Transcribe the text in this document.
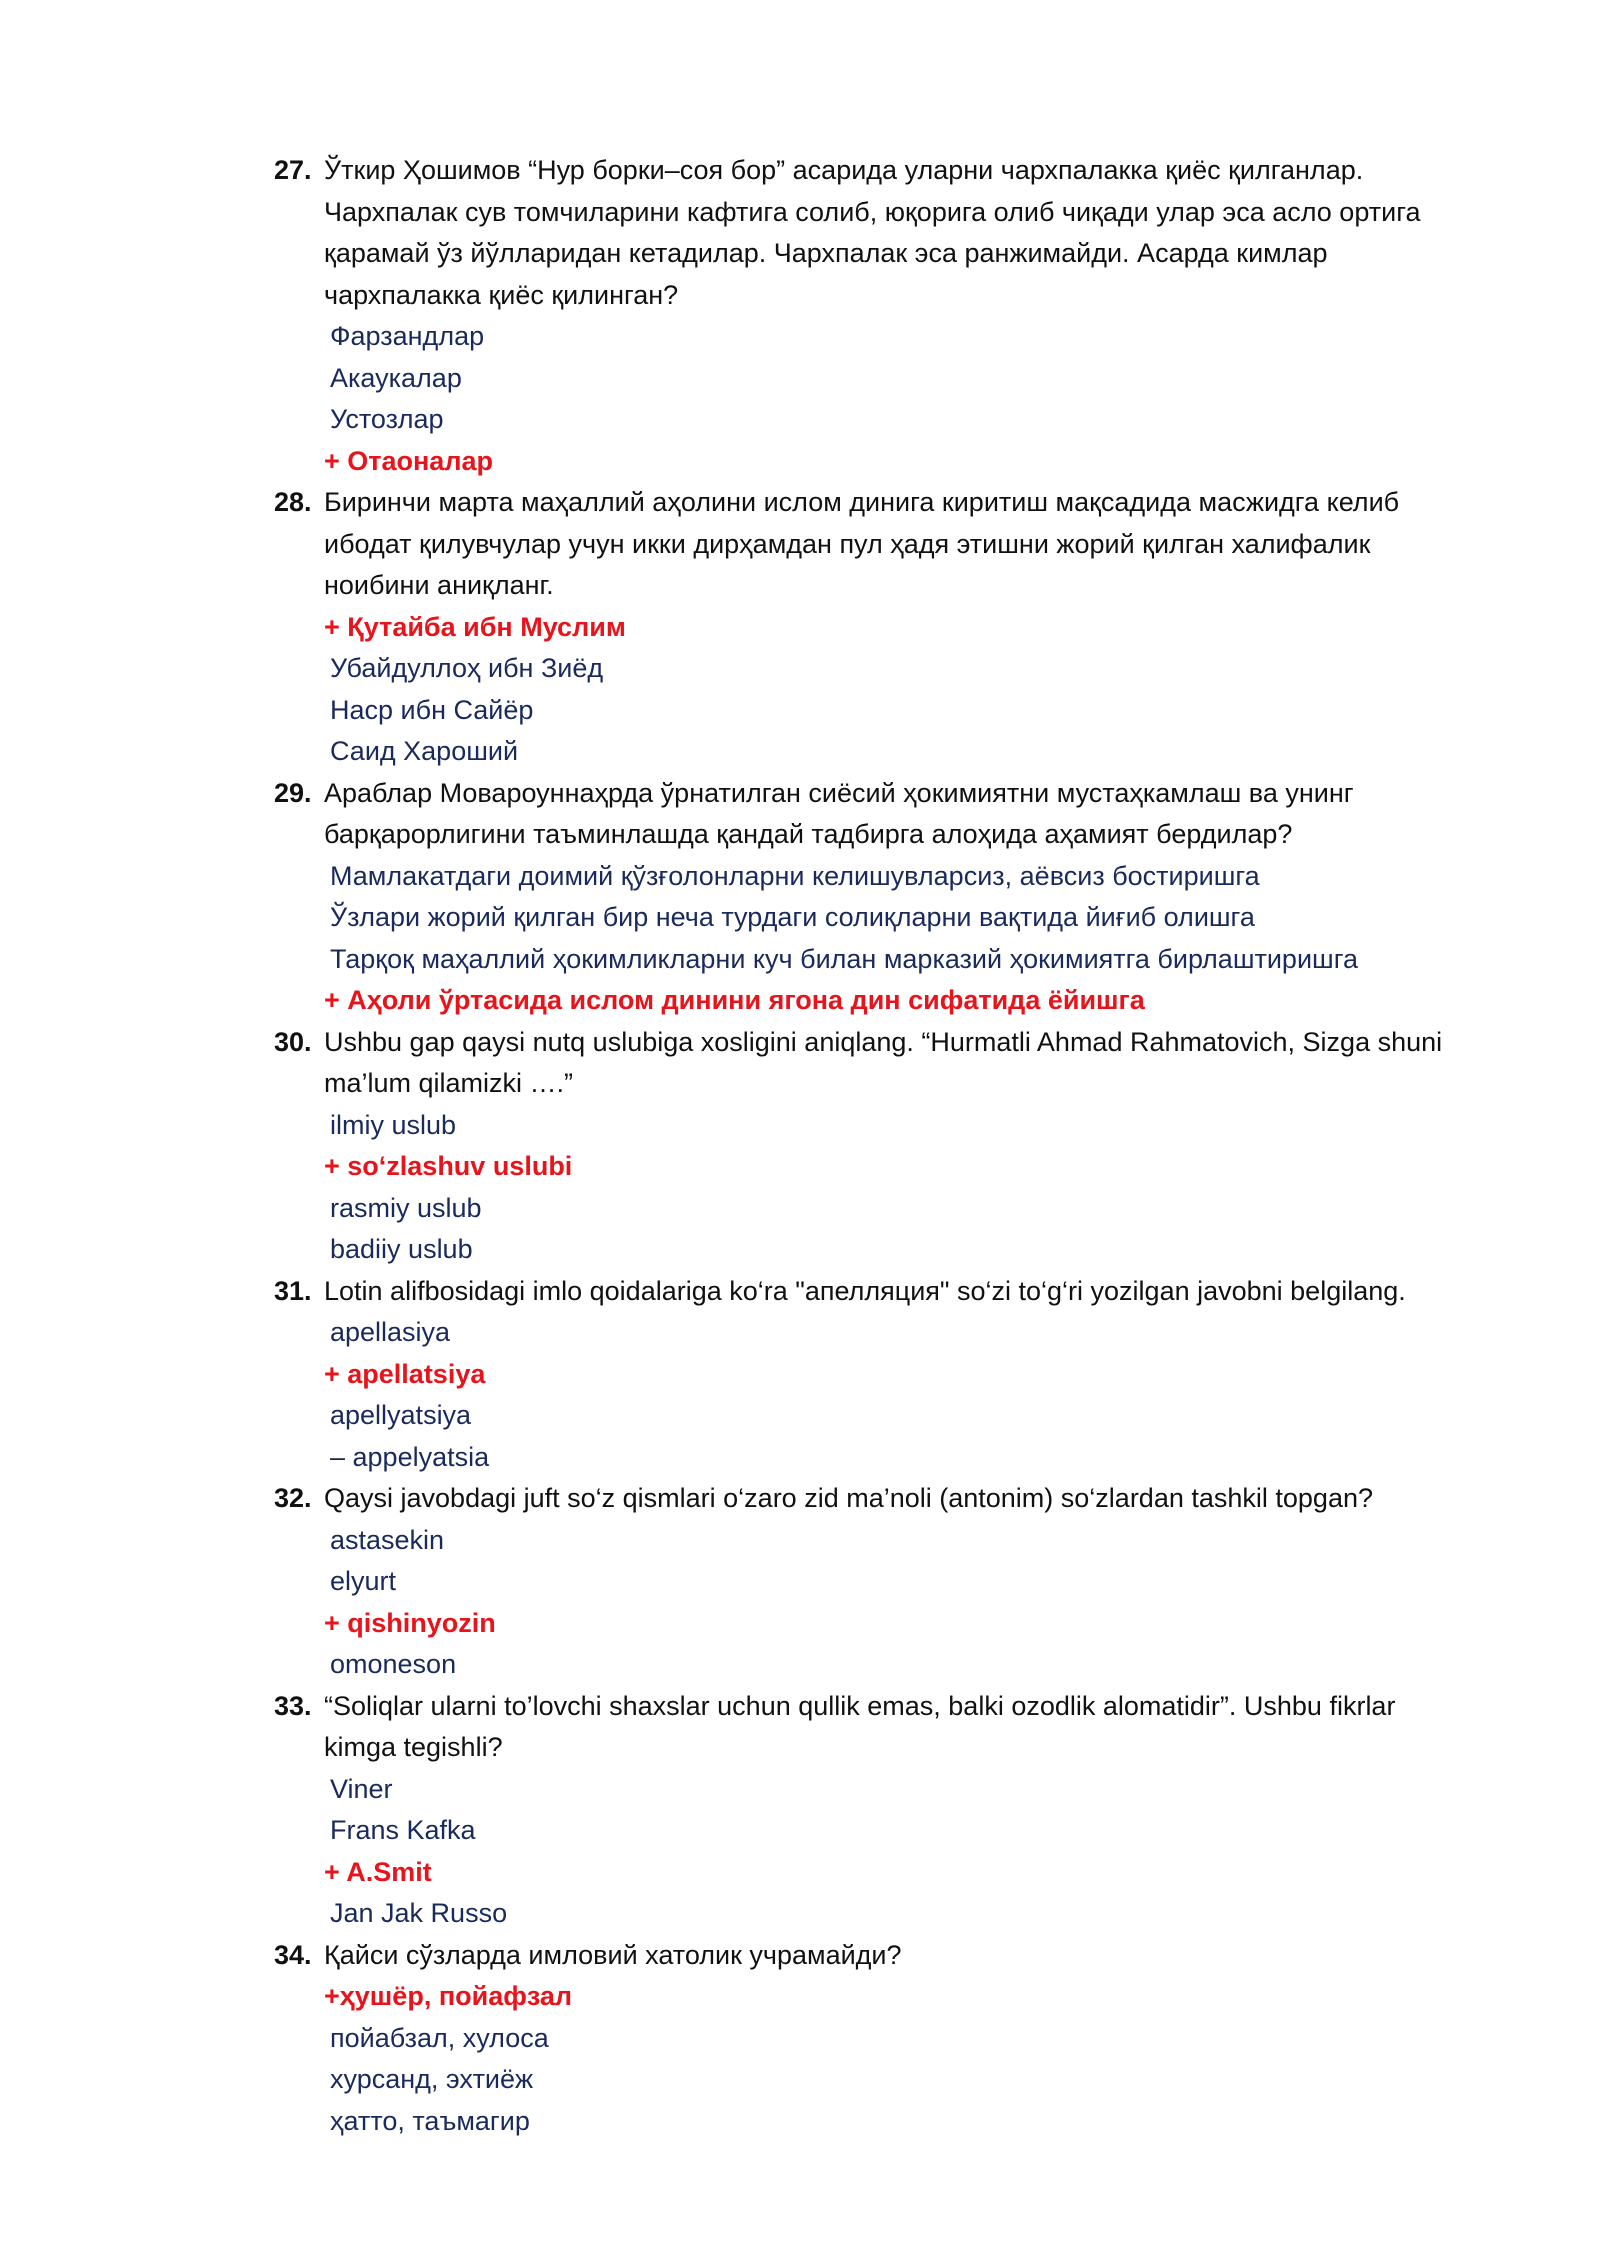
27. Ўткир Ҳошимов “Нур борки–соя бор” асарида уларни чархпалакка қиёс қилганлар. Чархпалак сув томчиларини кафтига солиб, юқорига олиб чиқади улар эса асло ортига қарамай ўз йўлларидан кетадилар. Чархпалак эса ранжимайди. Асарда кимлар чархпалакка қиёс қилинган?
Фарзандлар
Акаукалар
Устозлар
+ Отаоналар
28. Биринчи марта маҳаллий аҳолини ислом динига киритиш мақсадида масжидга келиб ибодат қилувчулар учун икки дирҳамдан пул ҳадя этишни жорий қилган халифалик ноибини аниқланг.
+ Қутайба ибн Муслим
Убайдуллоҳ ибн Зиёд
Наср ибн Сайёр
Саид Хароший
29. Араблар Мовароуннаҳрда ўрнатилган сиёсий ҳокимиятни мустаҳкамлаш ва унинг барқарорлигини таъминлашда қандай тадбирга алоҳида аҳамият бердилар?
Мамлакатдаги доимий қўзғолонларни келишувларсиз, аёвсиз бостиришга
Ўзлари жорий қилган бир неча турдаги солиқларни вақтида йиғиб олишга
Тарқоқ маҳаллий ҳокимликларни куч билан марказий ҳокимиятга бирлаштиришга
+ Аҳоли ўртасида ислом динини ягона дин сифатида ёйишга
30. Ushbu gap qaysi nutq uslubiga xosligini aniqlang. “Hurmatli Ahmad Rahmatovich, Sizga shuni ma’lum qilamizki ….”
ilmiy uslub
+ so‘zlashuv uslubi
rasmiy uslub
badiiy uslub
31. Lotin alifbosidagi imlo qoidalariga ko‘ra "апелляция" so‘zi to‘g‘ri yozilgan javobni belgilang.
apellasiya
+ apellatsiya
apellyatsiya
– appelyatsia
32. Qaysi javobdagi juft so‘z qismlari o‘zaro zid ma’noli (antonim) so‘zlardan tashkil topgan?
astasekin
elyurt
+ qishinyozin
omoneson
33. “Soliqlar ularni to’lovchi shaxslar uchun qullik emas, balki ozodlik alomatidir”. Ushbu fikrlar kimga tegishli?
Viner
Frans Kafka
+ A.Smit
Jan Jak Russo
34. Қайси сўзларда имловий хатолик учрамайди?
+ҳушёр, пойафзал
пойабзал, хулоса
хурсанд, эхтиёж
ҳатто, таъмагир
